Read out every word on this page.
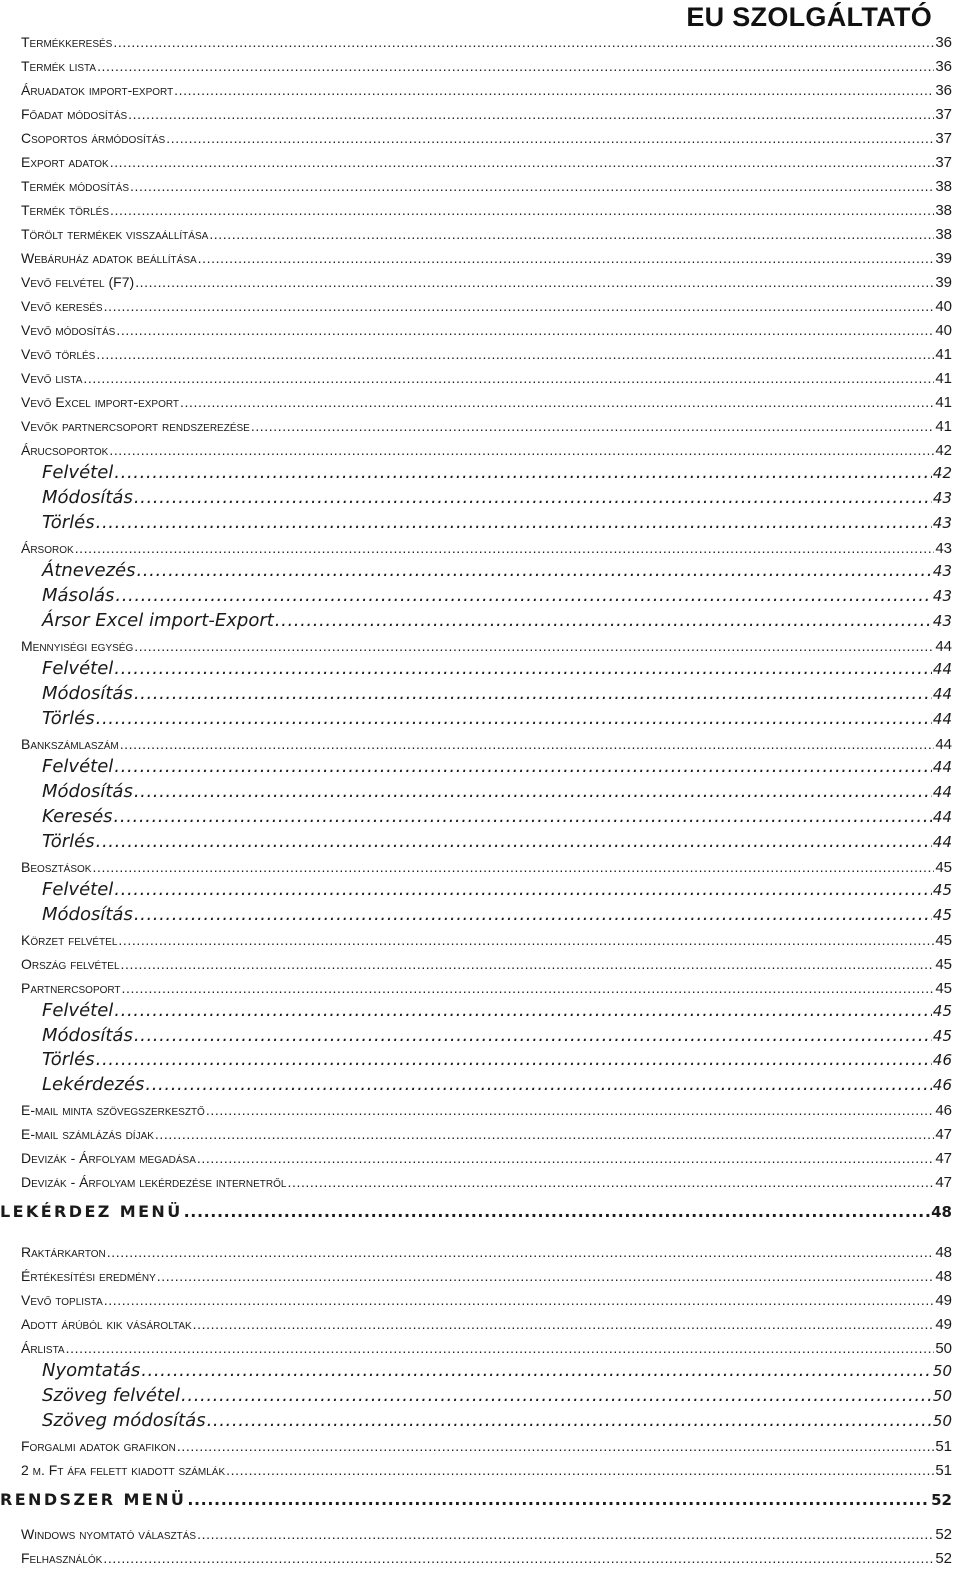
EU SZOLGÁLTATÓ
Termékkeresés .....	36
Termék lista .....	36
Áruadatok import-export .....	36
Főadat módosítás .....	37
Csoportos ármódosítás .....	37
Export adatok .....	37
Termék módosítás .....	38
Termék törlés .....	38
Törölt termékek visszaállítása .....	38
Webáruház adatok beállítása .....	39
Vevő felvétel (F7) .....	39
Vevő keresés .....	40
Vevő módosítás .....	40
Vevő törlés .....	41
Vevő lista .....	41
Vevő Excel import-export .....	41
Vevők partnercsoport rendszerezése .....	41
Árucsoportok .....	42
Felvétel .....	42
Módosítás .....	43
Törlés .....	43
Ársorok .....	43
Átnevezés .....	43
Másolás .....	43
Ársor Excel import-Export .....	43
Mennyiségi egység .....	44
Felvétel .....	44
Módosítás .....	44
Törlés .....	44
Bankszámlaszám .....	44
Felvétel .....	44
Módosítás .....	44
Keresés .....	44
Törlés .....	44
Beosztások .....	45
Felvétel .....	45
Módosítás .....	45
Körzet felvétel .....	45
Ország felvétel .....	45
Partnercsoport .....	45
Felvétel .....	45
Módosítás .....	45
Törlés .....	46
Lekérdezés .....	46
E-mail minta szövegszerkesztő .....	46
E-mail számlázás díjak .....	47
Devizák - Árfolyam megadása .....	47
Devizák - Árfolyam lekérdezése internetről .....	47
LEKÉRDEZ MENÜ .....	48
Raktárkarton .....	48
Értékesítési eredmény .....	48
Vevő toplista .....	49
Adott árúból kik vásároltak .....	49
Árlista .....	50
Nyomtatás .....	50
Szöveg felvétel .....	50
Szöveg módosítás .....	50
Forgalmi adatok grafikon .....	51
2 m. Ft áfa felett kiadott számlák .....	51
RENDSZER MENÜ .....	52
Windows nyomtató választás .....	52
Felhasználók .....	52
